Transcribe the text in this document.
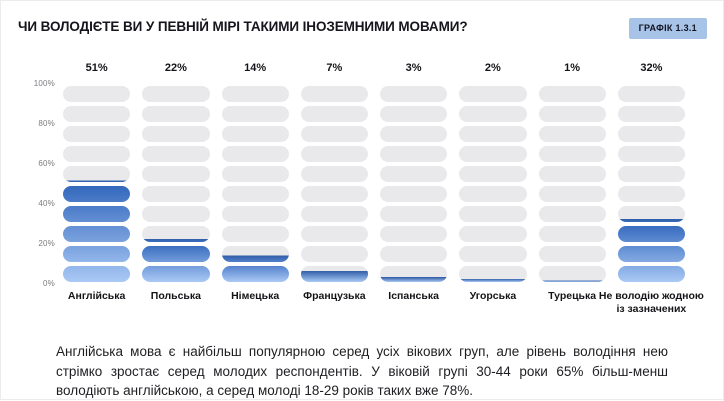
ЧИ ВОЛОДІЄТЕ ВИ У ПЕВНІЙ МІРІ ТАКИМИ ІНОЗЕМНИМИ МОВАМИ?	ГРАФІК 1.3.1
51%	22%	14%	7%	3%	2%	1%	32%
100%
80%
60%
40%
20%
0%
Англійська	Польська	Німецька	Французька	Іспанська	Угорська	Турецька Не володію жодною із зазначених
Англійська мова є найбільш популярною серед усіх вікових груп, але рівень володіння нею стрімко зростає серед молодих респондентів. У віковій групі 30-44 роки 65% більш-менш володіють англійською, а серед молоді 18-29 років таких вже 78%.
